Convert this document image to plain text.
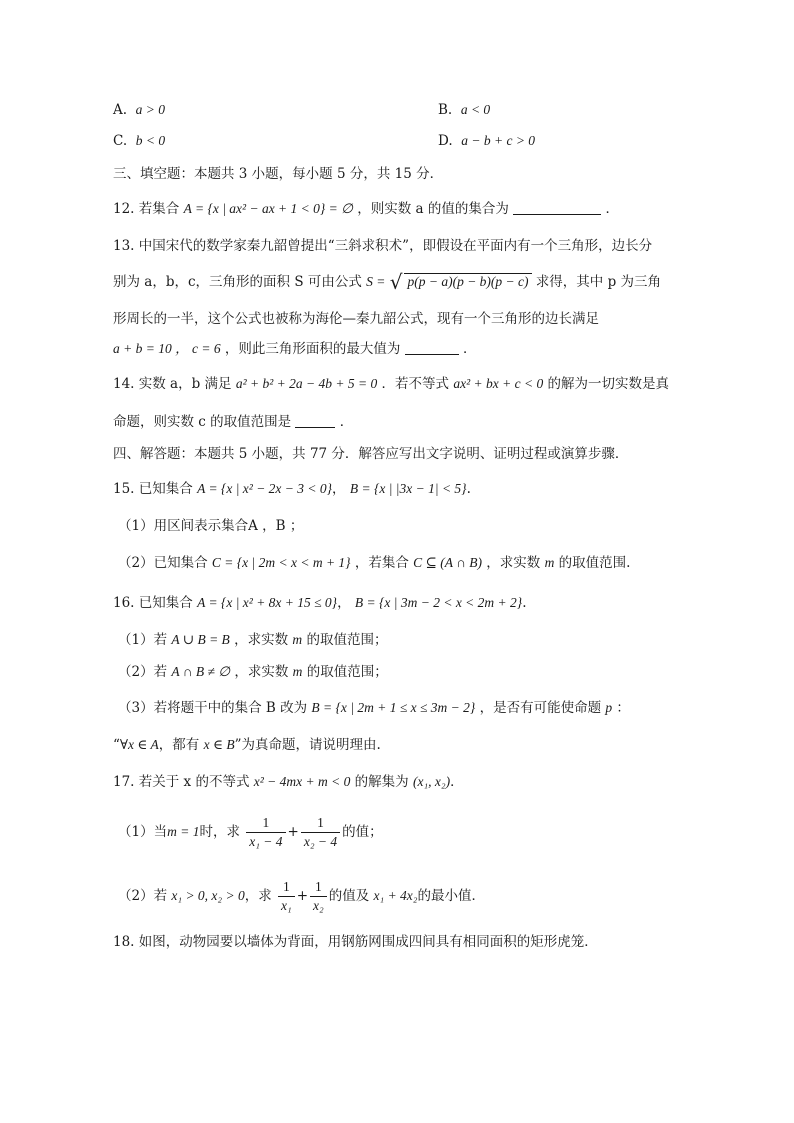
A. a > 0	B. a < 0
C. b < 0	D. a − b + c > 0
三、填空题：本题共 3 小题，每小题 5 分，共 15 分．
12. 若集合 A = {x | ax² − ax + 1 < 0} = ∅ ，则实数 a 的值的集合为	．
13. 中国宋代的数学家秦九韶曾提出“三斜求积术”，即假设在平面内有一个三角形，边长分
别为 a，b，c，三角形的面积 S 可由公式 S = √ p(p − a)(p − b)(p − c) 求得，其中 p 为三角
形周长的一半，这个公式也被称为海伦—秦九韶公式，现有一个三角形的边长满足
a + b = 10 ， c = 6 ，则此三角形面积的最大值为	．
14. 实数 a，b 满足 a² + b² + 2a − 4b + 5 = 0 ．若不等式 ax² + bx + c < 0 的解为一切实数是真
命题，则实数 c 的取值范围是	．
四、解答题：本题共 5 小题，共 77 分．解答应写出文字说明、证明过程或演算步骤．
15. 已知集合 A = {x | x² − 2x − 3 < 0}， B = {x | |3x − 1| < 5}.
（1）用区间表示集合A ，B ；
（2）已知集合 C = {x | 2m < x < m + 1} ，若集合 C ⊆ (A ∩ B) ，求实数 m 的取值范围.
16. 已知集合 A = {x | x² + 8x + 15 ≤ 0}， B = {x | 3m − 2 < x < 2m + 2}.
（1）若 A ∪ B = B ，求实数 m 的取值范围；
（2）若 A ∩ B ≠ ∅ ，求实数 m 的取值范围；
（3）若将题干中的集合 B 改为 B = {x | 2m + 1 ≤ x ≤ 3m − 2} ，是否有可能使命题 p ：
“∀x ∈ A，都有 x ∈ B”为真命题，请说明理由.
17. 若关于 x 的不等式 x² − 4mx + m < 0 的解集为 (x₁, x₂)．
（1）当m = 1时，求 $\frac{1}{\text{x₁ − 4}} + \frac{1}{\text{x₂ − 4}}$ 的值；
（2）若 x₁ > 0, x₂ > 0，求 $\frac{1}{\text{x₁}} + \frac{1}{\text{x₂}}$ 的值及 x₁ + 4x₂的最小值．
18. 如图，动物园要以墙体为背面，用钢筋网围成四间具有相同面积的矩形虎笼．
